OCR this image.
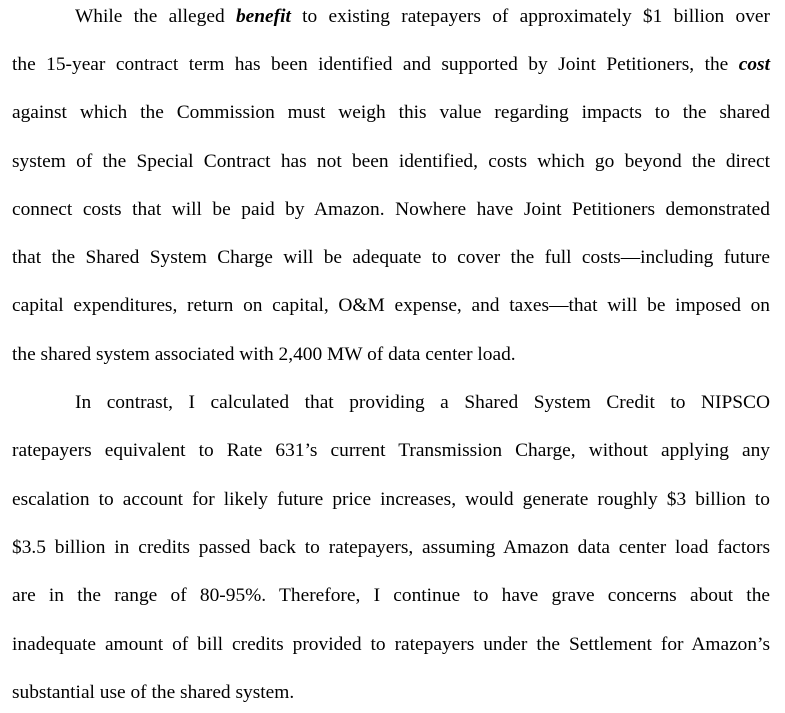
While the alleged benefit to existing ratepayers of approximately $1 billion over
the 15-year contract term has been identified and supported by Joint Petitioners, the cost
against which the Commission must weigh this value regarding impacts to the shared
system of the Special Contract has not been identified, costs which go beyond the direct
connect costs that will be paid by Amazon. Nowhere have Joint Petitioners demonstrated
that the Shared System Charge will be adequate to cover the full costs—including future
capital expenditures, return on capital, O&M expense, and taxes—that will be imposed on
the shared system associated with 2,400 MW of data center load.
In contrast, I calculated that providing a Shared System Credit to NIPSCO
ratepayers equivalent to Rate 631’s current Transmission Charge, without applying any
escalation to account for likely future price increases, would generate roughly $3 billion to
$3.5 billion in credits passed back to ratepayers, assuming Amazon data center load factors
are in the range of 80-95%. Therefore, I continue to have grave concerns about the
inadequate amount of bill credits provided to ratepayers under the Settlement for Amazon’s
substantial use of the shared system.
